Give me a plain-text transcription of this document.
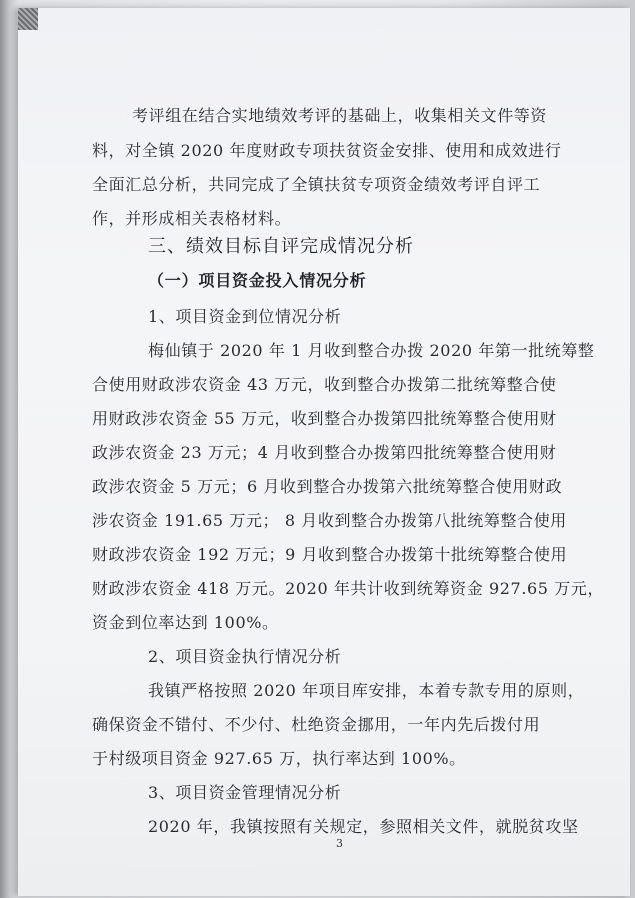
考评组在结合实地绩效考评的基础上，收集相关文件等资
料，对全镇 2020 年度财政专项扶贫资金安排、使用和成效进行
全面汇总分析，共同完成了全镇扶贫专项资金绩效考评自评工
作，并形成相关表格材料。
三、绩效目标自评完成情况分析
（一）项目资金投入情况分析
1、项目资金到位情况分析
梅仙镇于 2020 年 1 月收到整合办拨 2020 年第一批统筹整
合使用财政涉农资金 43 万元，收到整合办拨第二批统筹整合使
用财政涉农资金 55 万元，收到整合办拨第四批统筹整合使用财
政涉农资金 23 万元；4 月收到整合办拨第四批统筹整合使用财
政涉农资金 5 万元；6 月收到整合办拨第六批统筹整合使用财政
涉农资金 191.65 万元； 8 月收到整合办拨第八批统筹整合使用
财政涉农资金 192 万元；9 月收到整合办拨第十批统筹整合使用
财政涉农资金 418 万元。2020 年共计收到统筹资金 927.65 万元，
资金到位率达到 100%。
2、项目资金执行情况分析
我镇严格按照 2020 年项目库安排，本着专款专用的原则，
确保资金不错付、不少付、杜绝资金挪用，一年内先后拨付用
于村级项目资金 927.65 万，执行率达到 100%。
3、项目资金管理情况分析
2020 年，我镇按照有关规定，参照相关文件，就脱贫攻坚
3
